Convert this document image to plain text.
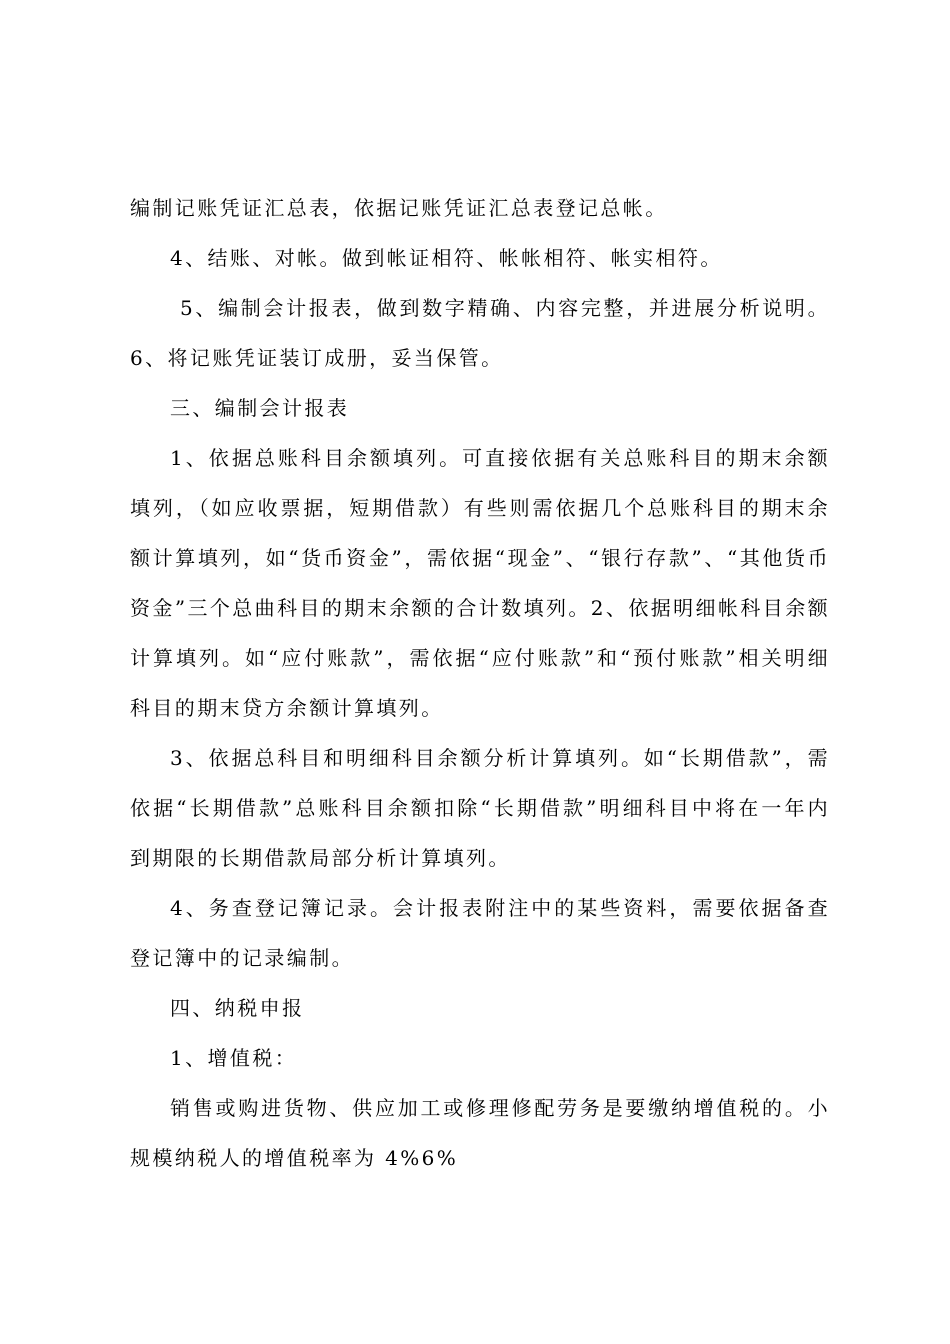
编制记账凭证汇总表，依据记账凭证汇总表登记总帐。

4、结账、对帐。做到帐证相符、帐帐相符、帐实相符。

5、编制会计报表，做到数字精确、内容完整，并进展分析说明。6、将记账凭证装订成册，妥当保管。

三、编制会计报表

1、依据总账科目余额填列。可直接依据有关总账科目的期末余额填列，（如应收票据，短期借款）有些则需依据几个总账科目的期末余额计算填列，如“货币资金”，需依据“现金”、“银行存款”、“其他货币资金”三个总曲科目的期末余额的合计数填列。2、依据明细帐科目余额计算填列。如“应付账款”，需依据“应付账款”和“预付账款”相关明细科目的期末贷方余额计算填列。

3、依据总科目和明细科目余额分析计算填列。如“长期借款”，需依据“长期借款”总账科目余额扣除“长期借款”明细科目中将在一年内到期限的长期借款局部分析计算填列。

4、务查登记簿记录。会计报表附注中的某些资料，需要依据备查登记簿中的记录编制。

四、纳税申报

1、增值税：

销售或购进货物、供应加工或修理修配劳务是要缴纳增值税的。小规模纳税人的增值税率为 4%6%
